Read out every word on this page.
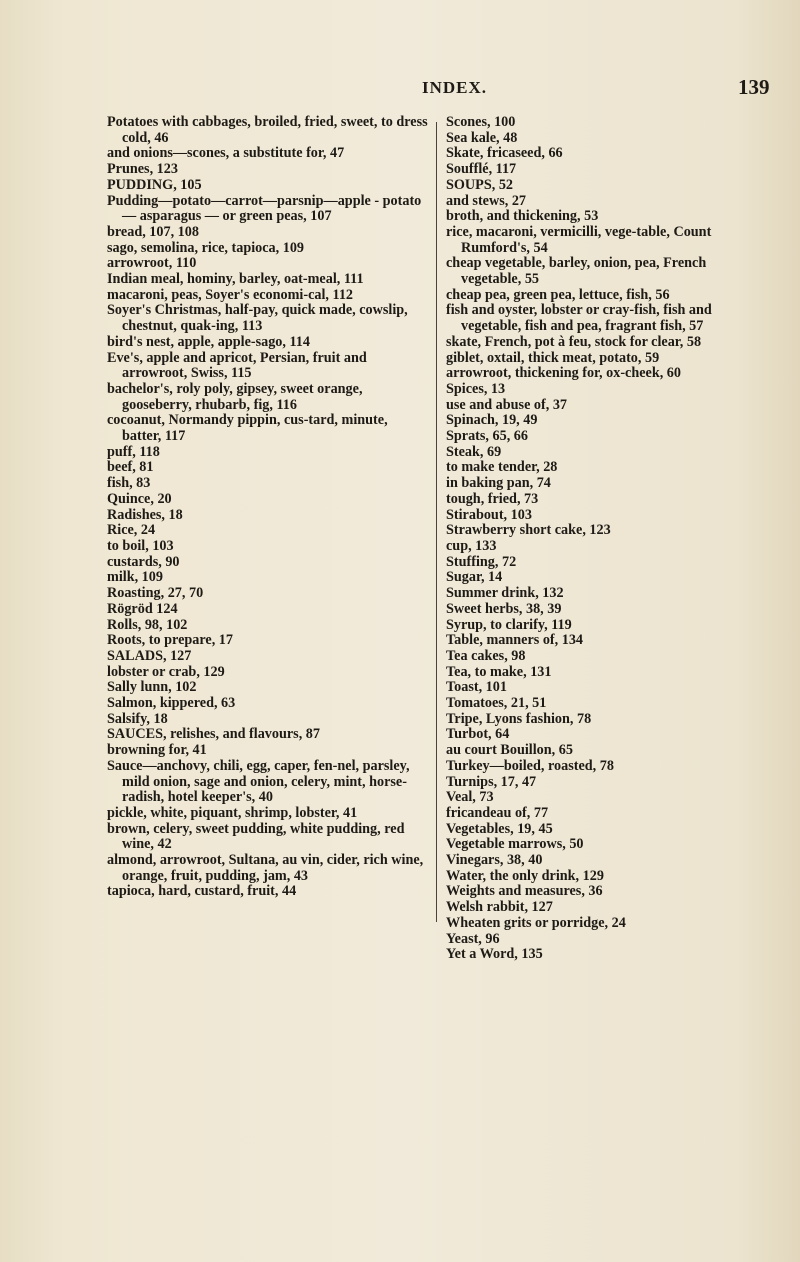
INDEX.	139

Potatoes with cabbages, broiled, fried, sweet, to dress cold, 46

and onions—scones, a substitute for, 47

Prunes, 123

PUDDING, 105

Pudding—potato—carrot—parsnip—apple - potato — asparagus — or green peas, 107

bread, 107, 108

sago, semolina, rice, tapioca, 109

arrowroot, 110

Indian meal, hominy, barley, oat-meal, 111

macaroni, peas, Soyer's economi-cal, 112

Soyer's Christmas, half-pay, quick made, cowslip, chestnut, quak-ing, 113

bird's nest, apple, apple-sago, 114

Eve's, apple and apricot, Persian, fruit and arrowroot, Swiss, 115

bachelor's, roly poly, gipsey, sweet orange, gooseberry, rhubarb, fig, 116

cocoanut, Normandy pippin, cus-tard, minute, batter, 117

puff, 118

beef, 81

fish, 83

Quince, 20

Radishes, 18

Rice, 24

to boil, 103

custards, 90

milk, 109

Roasting, 27, 70

Rögröd 124

Rolls, 98, 102

Roots, to prepare, 17

SALADS, 127

lobster or crab, 129

Sally lunn, 102

Salmon, kippered, 63

Salsify, 18

SAUCES, relishes, and flavours, 87

browning for, 41

Sauce—anchovy, chili, egg, caper, fen-nel, parsley, mild onion, sage and onion, celery, mint, horse-radish, hotel keeper's, 40

pickle, white, piquant, shrimp, lobster, 41

brown, celery, sweet pudding, white pudding, red wine, 42

almond, arrowroot, Sultana, au vin, cider, rich wine, orange, fruit, pudding, jam, 43

tapioca, hard, custard, fruit, 44

Scones, 100

Sea kale, 48

Skate, fricaseed, 66

Soufflé, 117

SOUPS, 52

and stews, 27

broth, and thickening, 53

rice, macaroni, vermicilli, vege-table, Count Rumford's, 54

cheap vegetable, barley, onion, pea, French vegetable, 55

cheap pea, green pea, lettuce, fish, 56

fish and oyster, lobster or cray-fish, fish and vegetable, fish and pea, fragrant fish, 57

skate, French, pot à feu, stock for clear, 58

giblet, oxtail, thick meat, potato, 59

arrowroot, thickening for, ox-cheek, 60

Spices, 13

use and abuse of, 37

Spinach, 19, 49

Sprats, 65, 66

Steak, 69

to make tender, 28

in baking pan, 74

tough, fried, 73

Stirabout, 103

Strawberry short cake, 123

cup, 133

Stuffing, 72

Sugar, 14

Summer drink, 132

Sweet herbs, 38, 39

Syrup, to clarify, 119

Table, manners of, 134

Tea cakes, 98

Tea, to make, 131

Toast, 101

Tomatoes, 21, 51

Tripe, Lyons fashion, 78

Turbot, 64

au court Bouillon, 65

Turkey—boiled, roasted, 78

Turnips, 17, 47

Veal, 73

fricandeau of, 77

Vegetables, 19, 45

Vegetable marrows, 50

Vinegars, 38, 40

Water, the only drink, 129

Weights and measures, 36

Welsh rabbit, 127

Wheaten grits or porridge, 24

Yeast, 96

Yet a Word, 135
